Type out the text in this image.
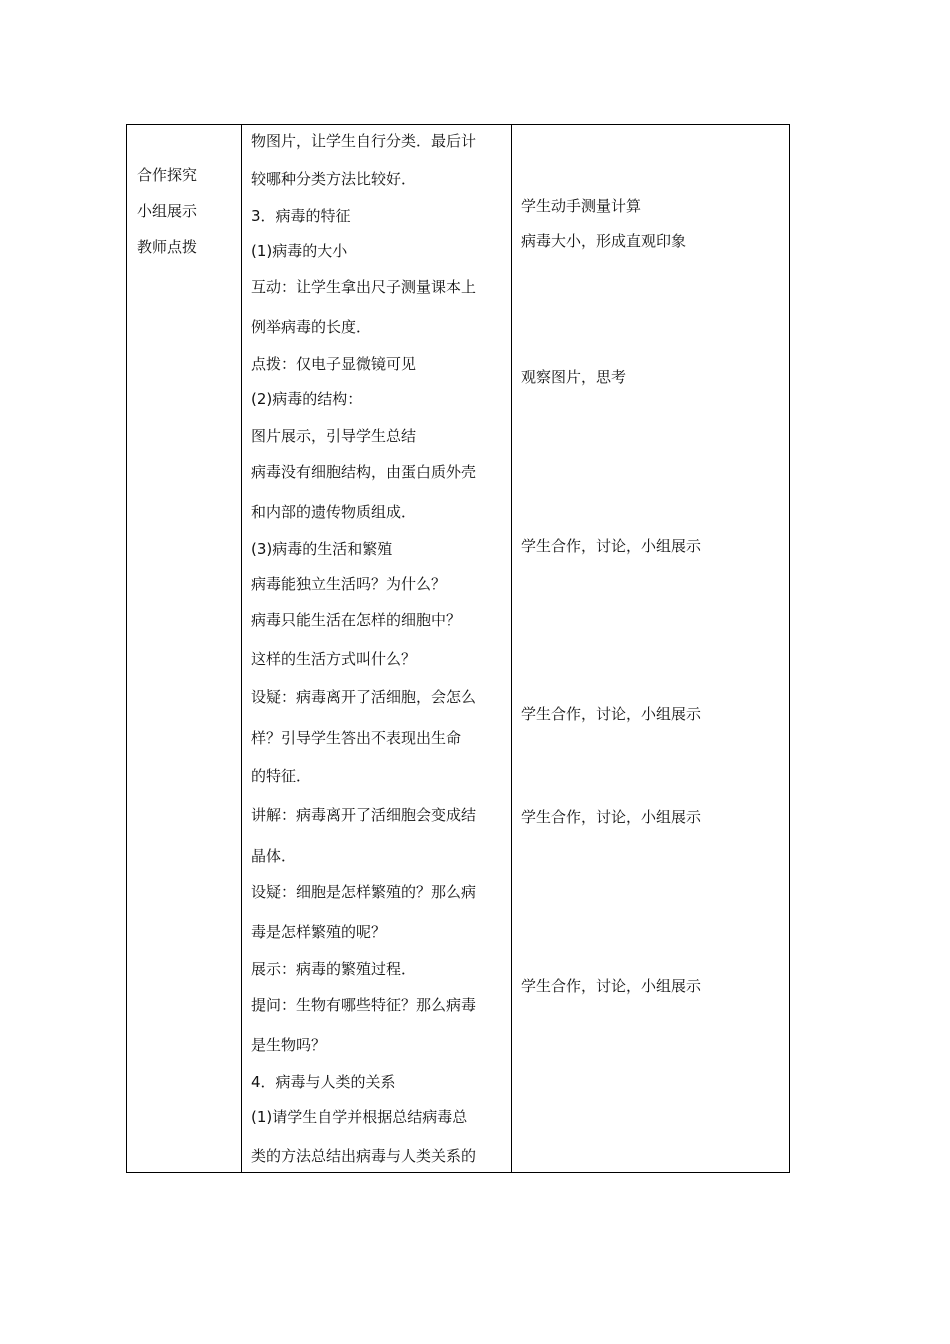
合作探究
小组展示
教师点拨
物图片，让学生自行分类．最后计
较哪种分类方法比较好．
3．病毒的特征
(1)病毒的大小
互动：让学生拿出尺子测量课本上
例举病毒的长度．
点拨：仅电子显微镜可见
(2)病毒的结构：
图片展示，引导学生总结
病毒没有细胞结构，由蛋白质外壳
和内部的遗传物质组成．
(3)病毒的生活和繁殖
病毒能独立生活吗？为什么？
病毒只能生活在怎样的细胞中？
这样的生活方式叫什么？
设疑：病毒离开了活细胞，会怎么
样？引导学生答出不表现出生命
的特征．
讲解：病毒离开了活细胞会变成结
晶体．
设疑：细胞是怎样繁殖的？那么病
毒是怎样繁殖的呢？
展示：病毒的繁殖过程．
提问：生物有哪些特征？那么病毒
是生物吗？
4．病毒与人类的关系
(1)请学生自学并根据总结病毒总
类的方法总结出病毒与人类关系的
学生动手测量计算
病毒大小，形成直观印象
观察图片，思考
学生合作，讨论，小组展示
学生合作，讨论，小组展示
学生合作，讨论，小组展示
学生合作，讨论，小组展示
